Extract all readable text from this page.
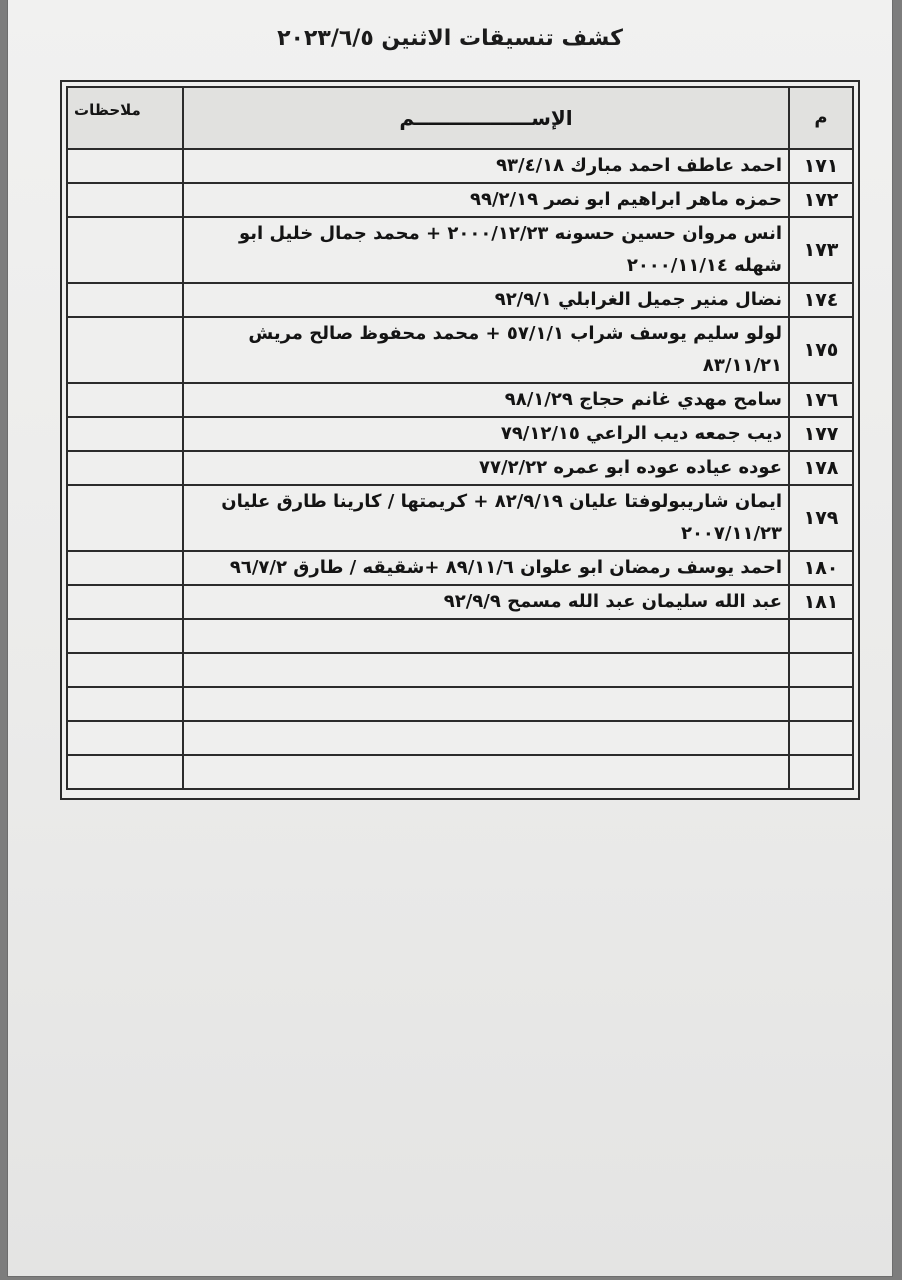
كشف تنسيقات الاثنين ٢٠٢٣/٦/٥
م	الإســـــــــــــــــم	ملاحظات
١٧١	احمد عاطف احمد مبارك ٩٣/٤/١٨	
١٧٢	حمزه ماهر ابراهيم ابو نصر ٩٩/٢/١٩	
١٧٣	انس مروان حسين حسونه ٢٠٠٠/١٢/٢٣ + محمد جمال خليل ابو شهله ٢٠٠٠/١١/١٤	
١٧٤	نضال منير جميل الغرابلي ٩٢/٩/١	
١٧٥	لولو سليم يوسف شراب ٥٧/١/١ + محمد محفوظ صالح مريش ٨٣/١١/٢١	
١٧٦	سامح مهدي غانم حجاج ٩٨/١/٢٩	
١٧٧	ديب جمعه ديب الراعي ٧٩/١٢/١٥	
١٧٨	عوده عياده عوده ابو عمره ٧٧/٢/٢٢	
١٧٩	ايمان شاريبولوفتا عليان ٨٢/٩/١٩ + كريمتها / كارينا طارق عليان ٢٠٠٧/١١/٢٣	
١٨٠	احمد يوسف رمضان ابو علوان ٨٩/١١/٦ +شقيقه / طارق ٩٦/٧/٢	
١٨١	عبد الله سليمان عبد الله مسمح ٩٢/٩/٩	
